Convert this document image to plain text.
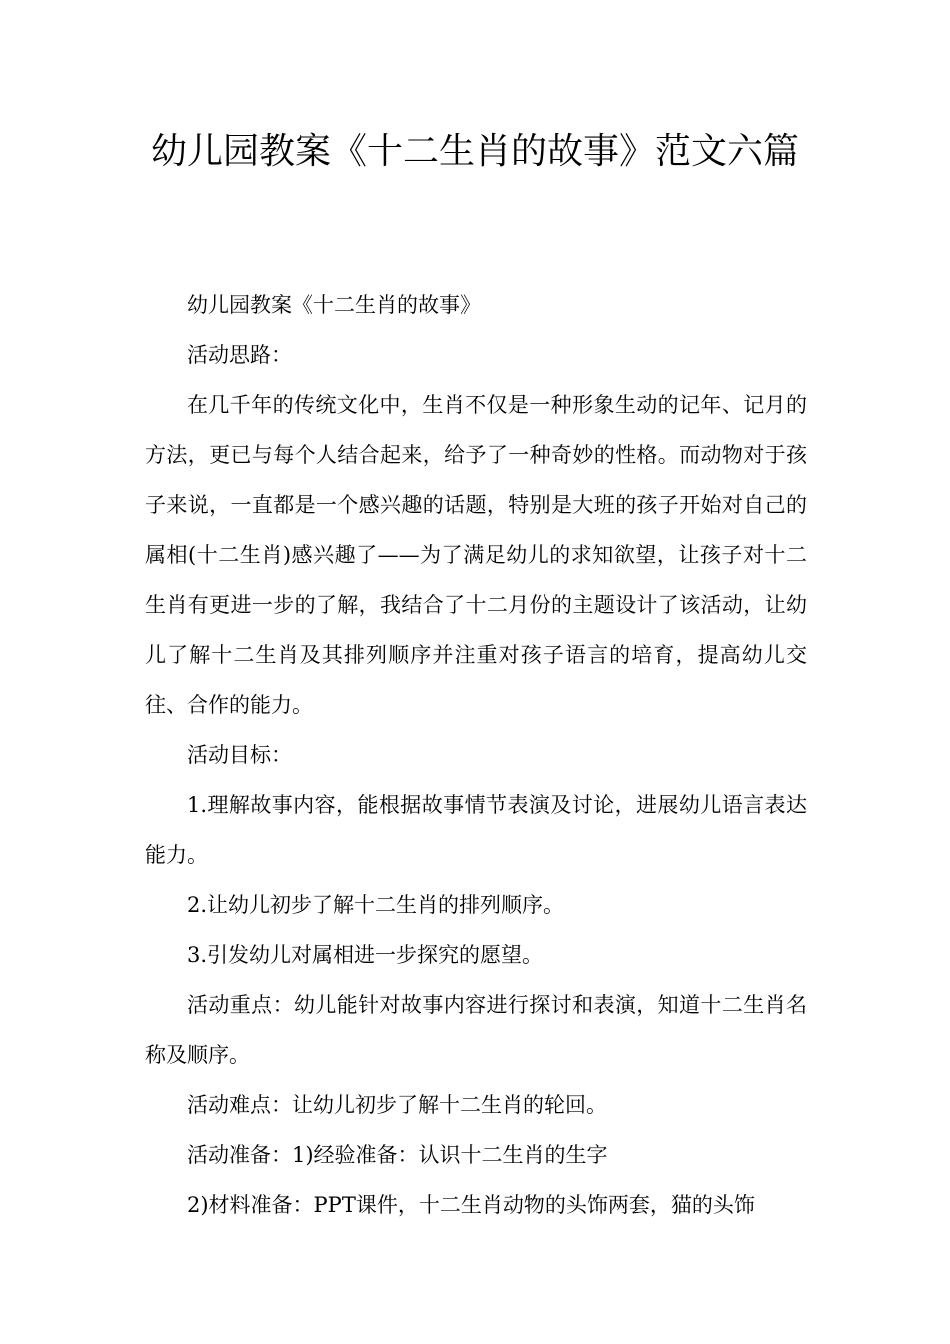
幼儿园教案《十二生肖的故事》范文六篇

幼儿园教案《十二生肖的故事》

活动思路：

在几千年的传统文化中，生肖不仅是一种形象生动的记年、记月的方法，更已与每个人结合起来，给予了一种奇妙的性格。而动物对于孩子来说，一直都是一个感兴趣的话题，特别是大班的孩子开始对自己的属相(十二生肖)感兴趣了——为了满足幼儿的求知欲望，让孩子对十二生肖有更进一步的了解，我结合了十二月份的主题设计了该活动，让幼儿了解十二生肖及其排列顺序并注重对孩子语言的培育，提高幼儿交往、合作的能力。

活动目标：

1.理解故事内容，能根据故事情节表演及讨论，进展幼儿语言表达能力。

2.让幼儿初步了解十二生肖的排列顺序。

3.引发幼儿对属相进一步探究的愿望。

活动重点：幼儿能针对故事内容进行探讨和表演，知道十二生肖名称及顺序。

活动难点：让幼儿初步了解十二生肖的轮回。

活动准备：1)经验准备：认识十二生肖的生字

2)材料准备：PPT课件，十二生肖动物的头饰两套，猫的头饰
